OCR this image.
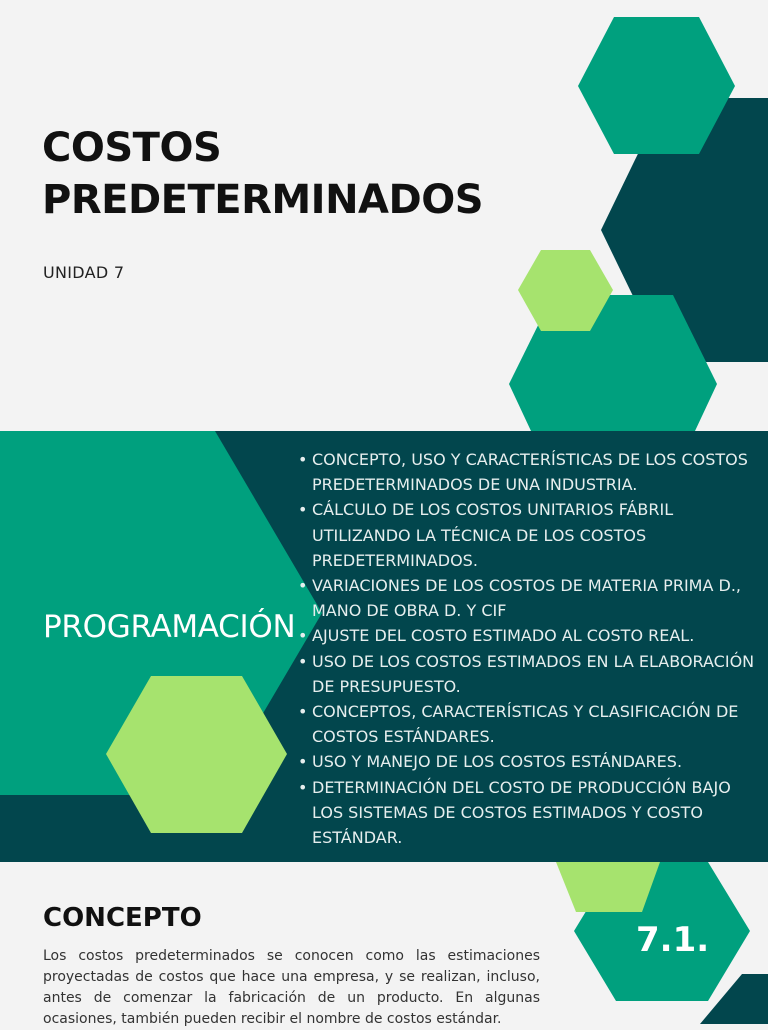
COSTOS
PREDETERMINADOS
UNIDAD 7
PROGRAMACIÓN
• CONCEPTO, USO Y CARACTERÍSTICAS DE LOS COSTOS PREDETERMINADOS DE UNA INDUSTRIA.
• CÁLCULO DE LOS COSTOS UNITARIOS FÁBRIL UTILIZANDO LA TÉCNICA DE LOS COSTOS PREDETERMINADOS.
• VARIACIONES DE LOS COSTOS DE MATERIA PRIMA D., MANO DE OBRA D. Y CIF
• AJUSTE DEL COSTO ESTIMADO AL COSTO REAL.
• USO DE LOS COSTOS ESTIMADOS EN LA ELABORACIÓN DE PRESUPUESTO.
• CONCEPTOS, CARACTERÍSTICAS Y CLASIFICACIÓN DE COSTOS ESTÁNDARES.
• USO Y MANEJO DE LOS COSTOS ESTÁNDARES.
• DETERMINACIÓN DEL COSTO DE PRODUCCIÓN BAJO LOS SISTEMAS DE COSTOS ESTIMADOS Y COSTO ESTÁNDAR.
CONCEPTO

Los costos predeterminados se conocen como las estimaciones proyectadas de costos que hace una empresa, y se realizan, incluso, antes de comenzar la fabricación de un producto. En algunas ocasiones, también pueden recibir el nombre de costos estándar.

7.1.
